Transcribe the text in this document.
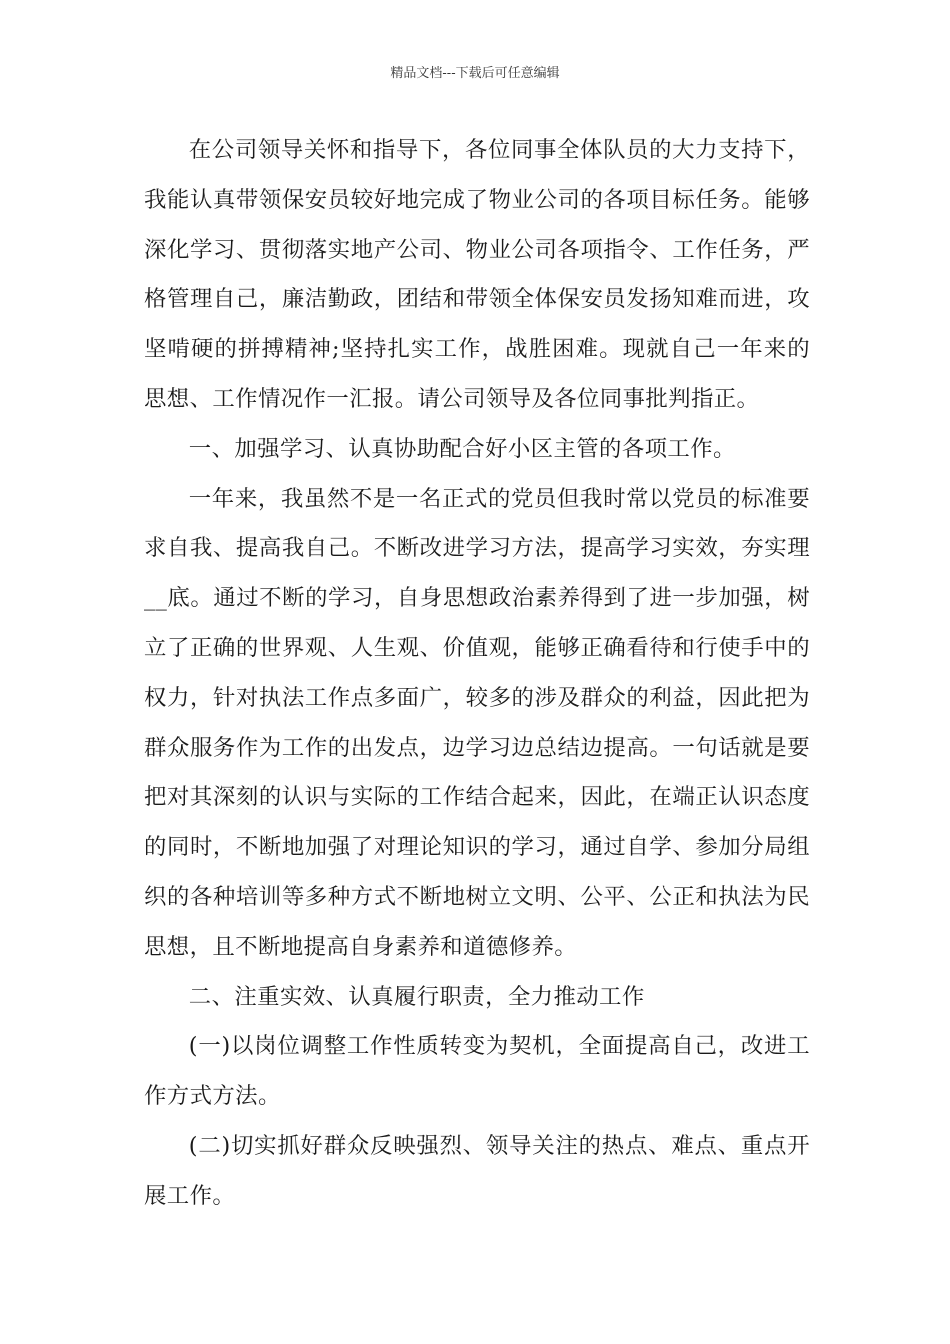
精品文档---下载后可任意编辑

在公司领导关怀和指导下，各位同事全体队员的大力支持下，我能认真带领保安员较好地完成了物业公司的各项目标任务。能够深化学习、贯彻落实地产公司、物业公司各项指令、工作任务，严格管理自己，廉洁勤政，团结和带领全体保安员发扬知难而进，攻坚啃硬的拼搏精神;坚持扎实工作，战胜困难。现就自己一年来的思想、工作情况作一汇报。请公司领导及各位同事批判指正。

一、加强学习、认真协助配合好小区主管的各项工作。

一年来，我虽然不是一名正式的党员但我时常以党员的标准要求自我、提高我自己。不断改进学习方法，提高学习实效，夯实理__底。通过不断的学习，自身思想政治素养得到了进一步加强，树立了正确的世界观、人生观、价值观，能够正确看待和行使手中的权力，针对执法工作点多面广，较多的涉及群众的利益，因此把为群众服务作为工作的出发点，边学习边总结边提高。一句话就是要把对其深刻的认识与实际的工作结合起来，因此，在端正认识态度的同时，不断地加强了对理论知识的学习，通过自学、参加分局组织的各种培训等多种方式不断地树立文明、公平、公正和执法为民思想，且不断地提高自身素养和道德修养。

二、注重实效、认真履行职责，全力推动工作

(一)以岗位调整工作性质转变为契机，全面提高自己，改进工作方式方法。

(二)切实抓好群众反映强烈、领导关注的热点、难点、重点开展工作。
